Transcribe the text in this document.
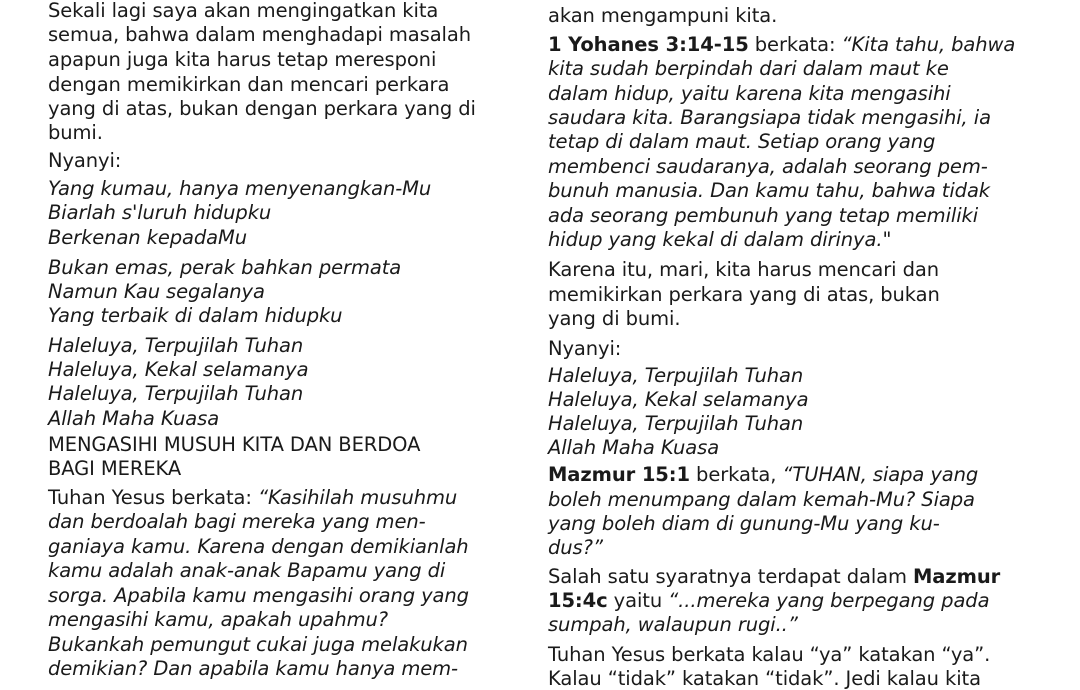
Sekali lagi saya akan mengingatkan kita
semua, bahwa dalam menghadapi masalah
apapun juga kita harus tetap meresponi
dengan memikirkan dan mencari perkara
yang di atas, bukan dengan perkara yang di
bumi.
Nyanyi:
Yang kumau, hanya menyenangkan-Mu
Biarlah s'luruh hidupku
Berkenan kepadaMu
Bukan emas, perak bahkan permata
Namun Kau segalanya
Yang terbaik di dalam hidupku
Haleluya, Terpujilah Tuhan
Haleluya, Kekal selamanya
Haleluya, Terpujilah Tuhan
Allah Maha Kuasa
MENGASIHI MUSUH KITA DAN BERDOA
BAGI MEREKA
Tuhan Yesus berkata: “Kasihilah musuhmu
dan berdoalah bagi mereka yang men-
ganiaya kamu. Karena dengan demikianlah
kamu adalah anak-anak Bapamu yang di
sorga. Apabila kamu mengasihi orang yang
mengasihi kamu, apakah upahmu?
Bukankah pemungut cukai juga melakukan
demikian? Dan apabila kamu hanya mem-
akan mengampuni kita.
1 Yohanes 3:14-15 berkata: “Kita tahu, bahwa
kita sudah berpindah dari dalam maut ke
dalam hidup, yaitu karena kita mengasihi
saudara kita. Barangsiapa tidak mengasihi, ia
tetap di dalam maut. Setiap orang yang
membenci saudaranya, adalah seorang pem-
bunuh manusia. Dan kamu tahu, bahwa tidak
ada seorang pembunuh yang tetap memiliki
hidup yang kekal di dalam dirinya."
Karena itu, mari, kita harus mencari dan
memikirkan perkara yang di atas, bukan
yang di bumi.
Nyanyi:
Haleluya, Terpujilah Tuhan
Haleluya, Kekal selamanya
Haleluya, Terpujilah Tuhan
Allah Maha Kuasa
Mazmur 15:1 berkata, “TUHAN, siapa yang
boleh menumpang dalam kemah-Mu? Siapa
yang boleh diam di gunung-Mu yang ku-
dus?”
Salah satu syaratnya terdapat dalam Mazmur
15:4c yaitu “...mereka yang berpegang pada
sumpah, walaupun rugi..”
Tuhan Yesus berkata kalau “ya” katakan “ya”.
Kalau “tidak” katakan “tidak”. Jedi kalau kita
